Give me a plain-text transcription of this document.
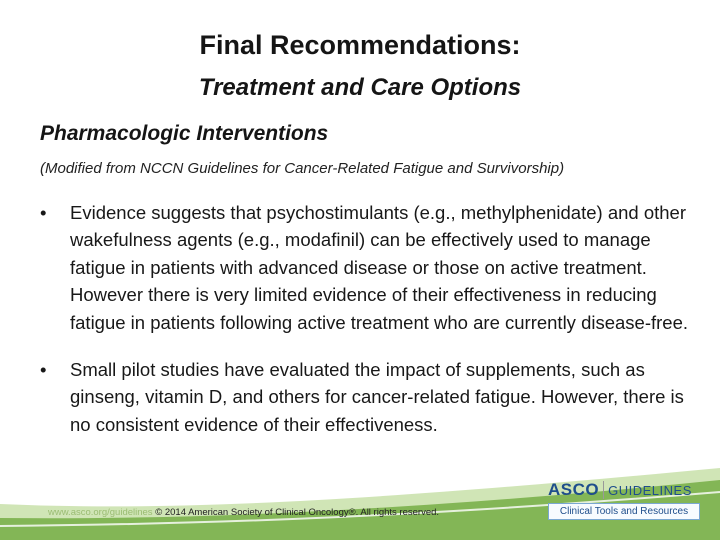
Final Recommendations:
Treatment and Care Options
Pharmacologic Interventions
(Modified from NCCN Guidelines for Cancer-Related Fatigue and Survivorship)
• Evidence suggests that psychostimulants (e.g., methylphenidate) and other wakefulness agents (e.g., modafinil) can be effectively used to manage fatigue in patients with advanced disease or those on active treatment. However there is very limited evidence of their effectiveness in reducing fatigue in patients following active treatment who are currently disease-free.
• Small pilot studies have evaluated the impact of supplements, such as ginseng, vitamin D, and others for cancer-related fatigue. However, there is no consistent evidence of their effectiveness.
www.asco.org/guidelines © 2014 American Society of Clinical Oncology®. All rights reserved.
ASCO GUIDELINES
Clinical Tools and Resources
